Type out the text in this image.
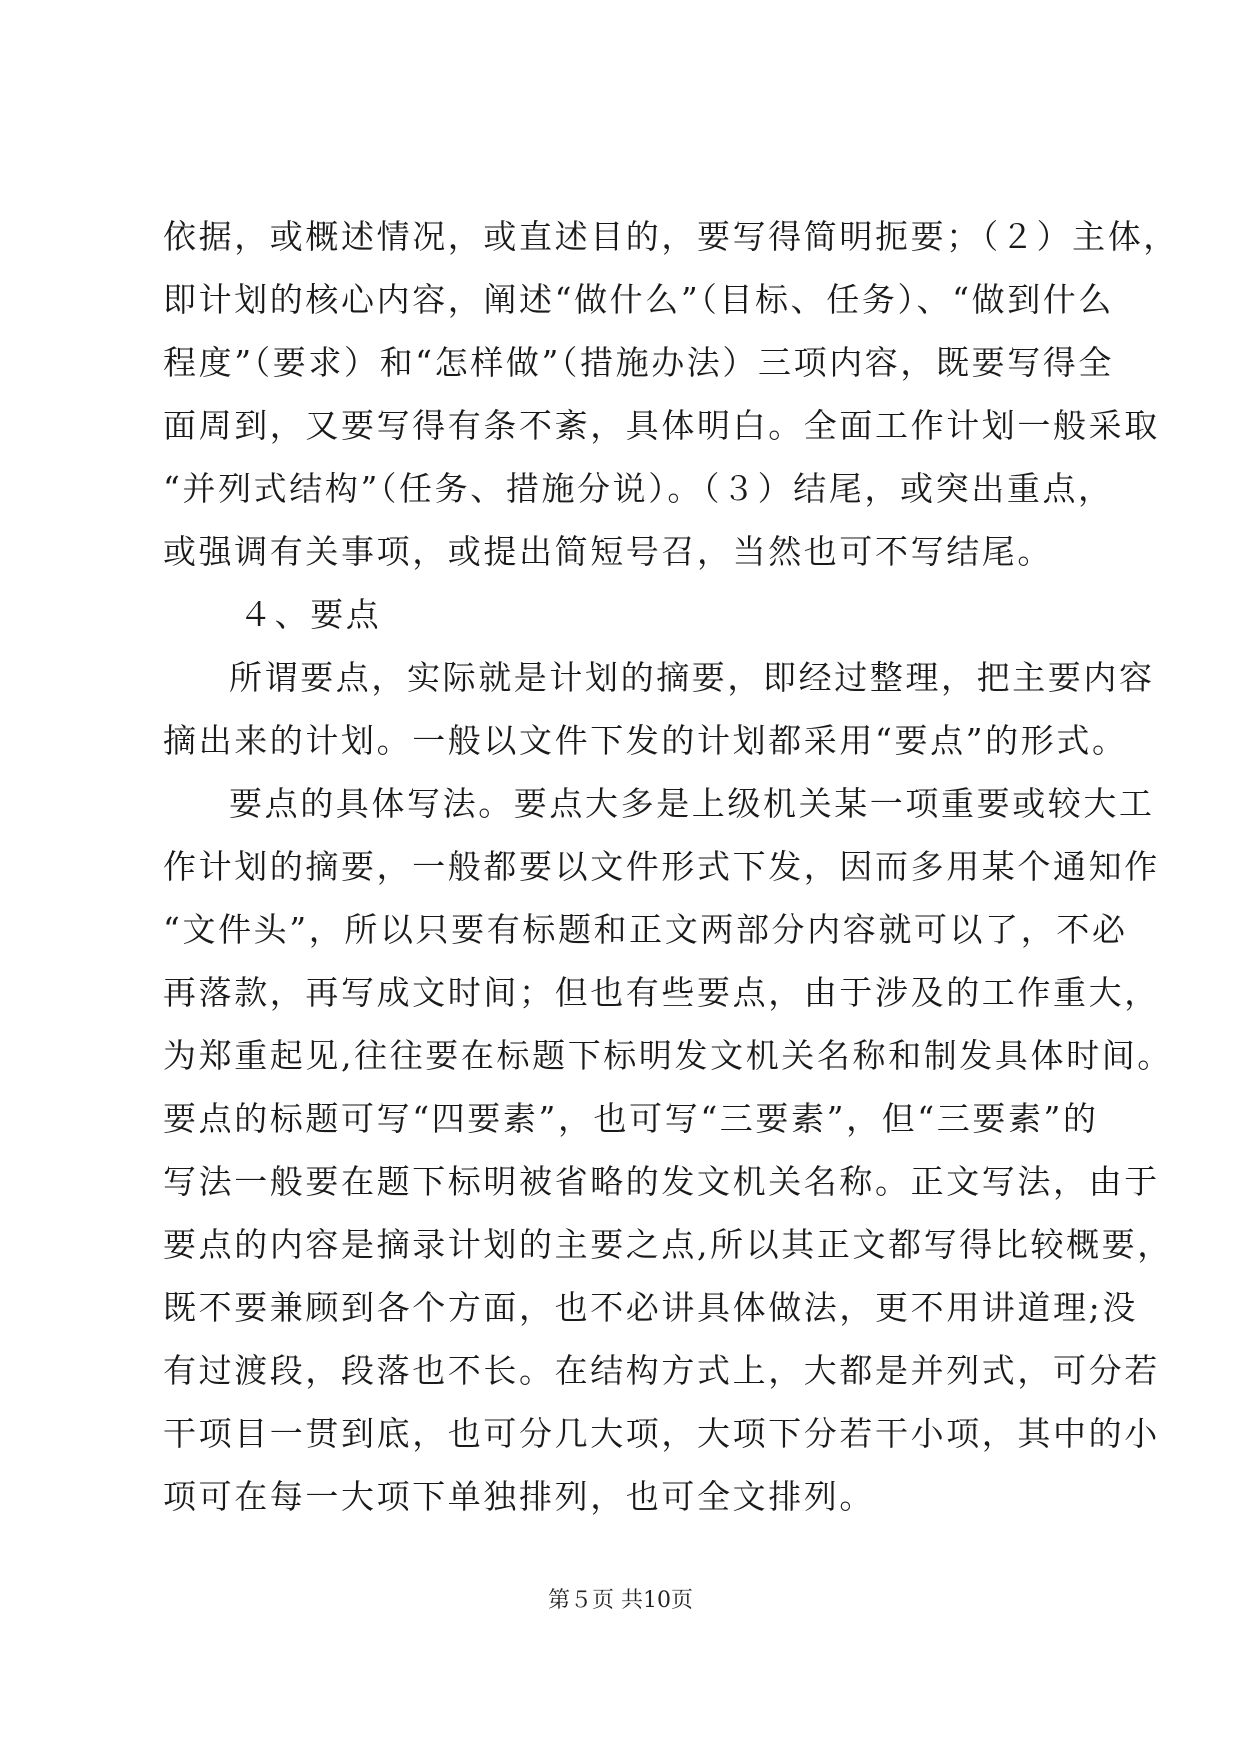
依据，或概述情况，或直述目的，要写得简明扼要；（２）主体，
即计划的核心内容，阐述“做什么”（目标、任务）、“做到什么
程度”（要求）和“怎样做”（措施办法）三项内容，既要写得全
面周到，又要写得有条不紊，具体明白。全面工作计划一般采取
“并列式结构”（任务、措施分说）。（３）结尾，或突出重点，
或强调有关事项，或提出简短号召，当然也可不写结尾。
４、要点
所谓要点，实际就是计划的摘要，即经过整理，把主要内容
摘出来的计划。一般以文件下发的计划都采用“要点”的形式。
要点的具体写法。要点大多是上级机关某一项重要或较大工
作计划的摘要，一般都要以文件形式下发，因而多用某个通知作
“文件头”，所以只要有标题和正文两部分内容就可以了，不必
再落款，再写成文时间；但也有些要点，由于涉及的工作重大，
为郑重起见,往往要在标题下标明发文机关名称和制发具体时间。
要点的标题可写“四要素”，也可写“三要素”，但“三要素”的
写法一般要在题下标明被省略的发文机关名称。正文写法，由于
要点的内容是摘录计划的主要之点,所以其正文都写得比较概要，
既不要兼顾到各个方面，也不必讲具体做法，更不用讲道理;没
有过渡段，段落也不长。在结构方式上，大都是并列式，可分若
干项目一贯到底，也可分几大项，大项下分若干小项，其中的小
项可在每一大项下单独排列，也可全文排列。
第５页 共10页
